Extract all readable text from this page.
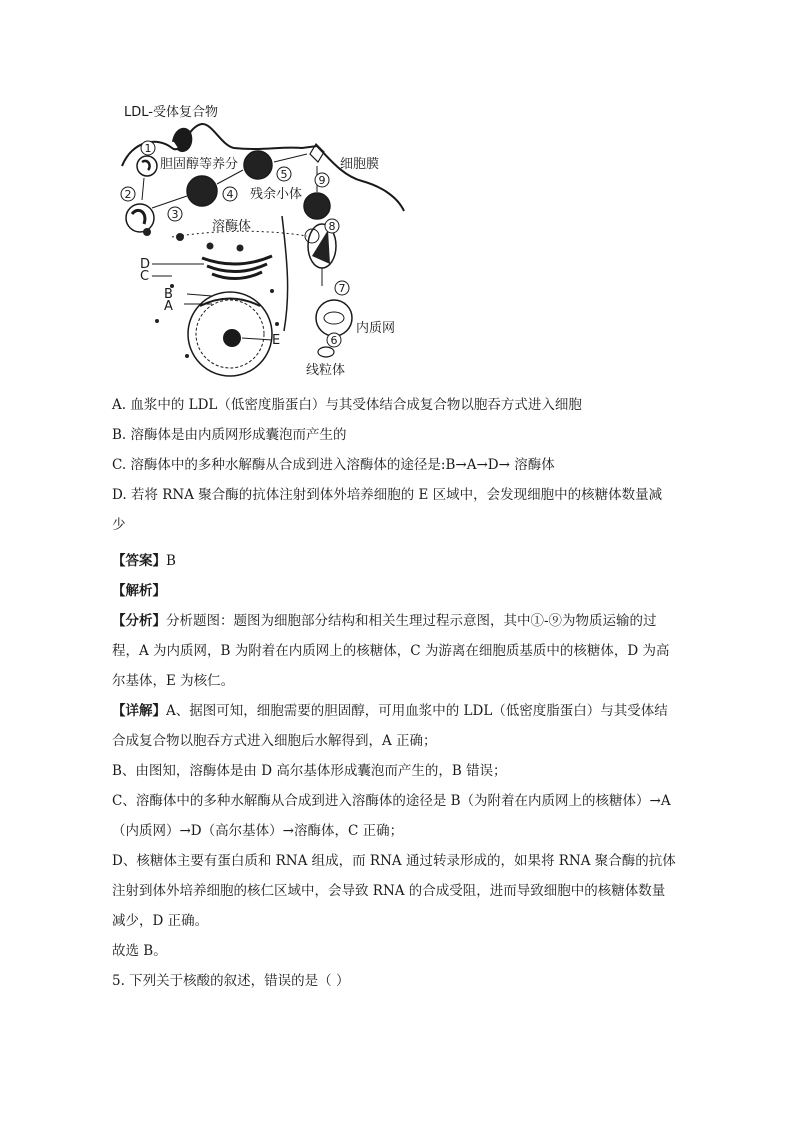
1
2
3
4
5
6
7
8
9
LDL-受体复合物
胆固醇等养分	细胞膜
残余小体
溶酶体
D
C
B
A
E
内质网
线粒体
A. 血浆中的 LDL（低密度脂蛋白）与其受体结合成复合物以胞吞方式进入细胞
B. 溶酶体是由内质网形成囊泡而产生的
C. 溶酶体中的多种水解酶从合成到进入溶酶体的途径是:B→A→D→ 溶酶体
D. 若将 RNA 聚合酶的抗体注射到体外培养细胞的 E 区域中，会发现细胞中的核糖体数量减
少
【答案】B
【解析】
【分析】分析题图：题图为细胞部分结构和相关生理过程示意图，其中①-⑨为物质运输的过
程，A 为内质网，B 为附着在内质网上的核糖体，C 为游离在细胞质基质中的核糖体，D 为高
尔基体，E 为核仁。
【详解】A、据图可知，细胞需要的胆固醇，可用血浆中的 LDL（低密度脂蛋白）与其受体结
合成复合物以胞吞方式进入细胞后水解得到，A 正确；
B、由图知，溶酶体是由 D 高尔基体形成囊泡而产生的，B 错误；
C、溶酶体中的多种水解酶从合成到进入溶酶体的途径是 B（为附着在内质网上的核糖体）→A
（内质网）→D（高尔基体）→溶酶体，C 正确；
D、核糖体主要有蛋白质和 RNA 组成，而 RNA 通过转录形成的，如果将 RNA 聚合酶的抗体
注射到体外培养细胞的核仁区域中，会导致 RNA 的合成受阻，进而导致细胞中的核糖体数量
减少，D 正确。
故选 B。
5. 下列关于核酸的叙述，错误的是（ ）
